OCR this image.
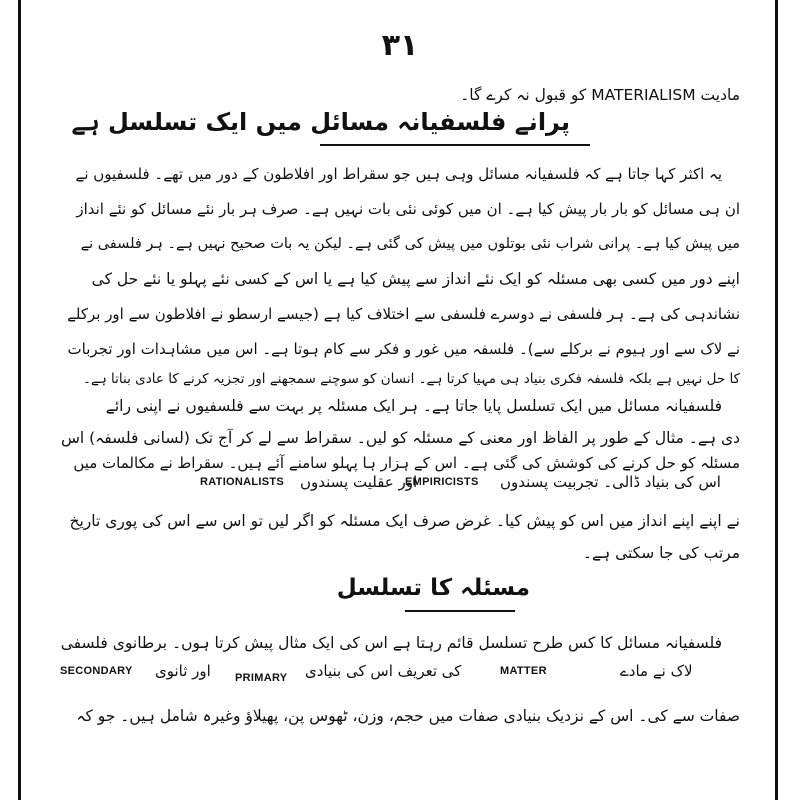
٣١
مادیت MATERIALISM کو قبول نہ کرے گا۔
پرانے فلسفیانہ مسائل میں ایک تسلسل ہے
یہ اکثر کہا جاتا ہے کہ فلسفیانہ مسائل وہی ہیں جو سقراط اور افلاطون کے دور میں تھے۔ فلسفیوں نے
ان ہی مسائل کو بار بار پیش کیا ہے۔ ان میں کوئی نئی بات نہیں ہے۔ صرف ہر بار نئے مسائل کو نئے انداز
میں پیش کیا ہے۔ پرانی شراب نئی بوتلوں میں پیش کی گئی ہے۔ لیکن یہ بات صحیح نہیں ہے۔ ہر فلسفی نے
اپنے دور میں کسی بھی مسئلہ کو ایک نئے انداز سے پیش کیا ہے یا اس کے کسی نئے پہلو یا نئے حل کی
نشاندہی کی ہے۔ ہر فلسفی نے دوسرے فلسفی سے اختلاف کیا ہے (جیسے ارسطو نے افلاطون سے اور برکلے
نے لاک سے اور ہیوم نے برکلے سے)۔ فلسفہ میں غور و فکر سے کام ہوتا ہے۔ اس میں مشاہدات اور تجربات
کا حل نہیں ہے بلکہ فلسفہ فکری بنیاد ہی مہیا کرتا ہے۔ انسان کو سوچنے سمجھنے اور تجزیہ کرنے کا عادی بناتا ہے۔
فلسفیانہ مسائل میں ایک تسلسل پایا جاتا ہے۔ ہر ایک مسئلہ پر بہت سے فلسفیوں نے اپنی رائے
دی ہے۔ مثال کے طور پر الفاظ اور معنی کے مسئلہ کو لیں۔ سقراط سے لے کر آج تک (لسانی فلسفہ) اس
مسئلہ کو حل کرنے کی کوشش کی گئی ہے۔ اس کے ہزار ہا پہلو سامنے آئے ہیں۔ سقراط نے مکالمات میں
RATIONALISTS اور عقلیت پسندوں
EMPIRICISTS اس کی بنیاد ڈالی۔ تجربیت پسندوں
نے اپنے اپنے انداز میں اس کو پیش کیا۔ غرض صرف ایک مسئلہ کو اگر لیں تو اس سے اس کی پوری تاریخ
مرتب کی جا سکتی ہے۔
مسئلہ کا تسلسل
فلسفیانہ مسائل کا کس طرح تسلسل قائم رہتا ہے اس کی ایک مثال پیش کرتا ہوں۔ برطانوی فلسفی
SECONDARY اور ثانوی PRIMARY کی تعریف اس کی بنیادی	MATTER	لاک نے مادے
صفات سے کی۔ اس کے نزدیک بنیادی صفات میں حجم، وزن، ٹھوس پن، پھیلاؤ وغیرہ شامل ہیں۔ جو کہ
